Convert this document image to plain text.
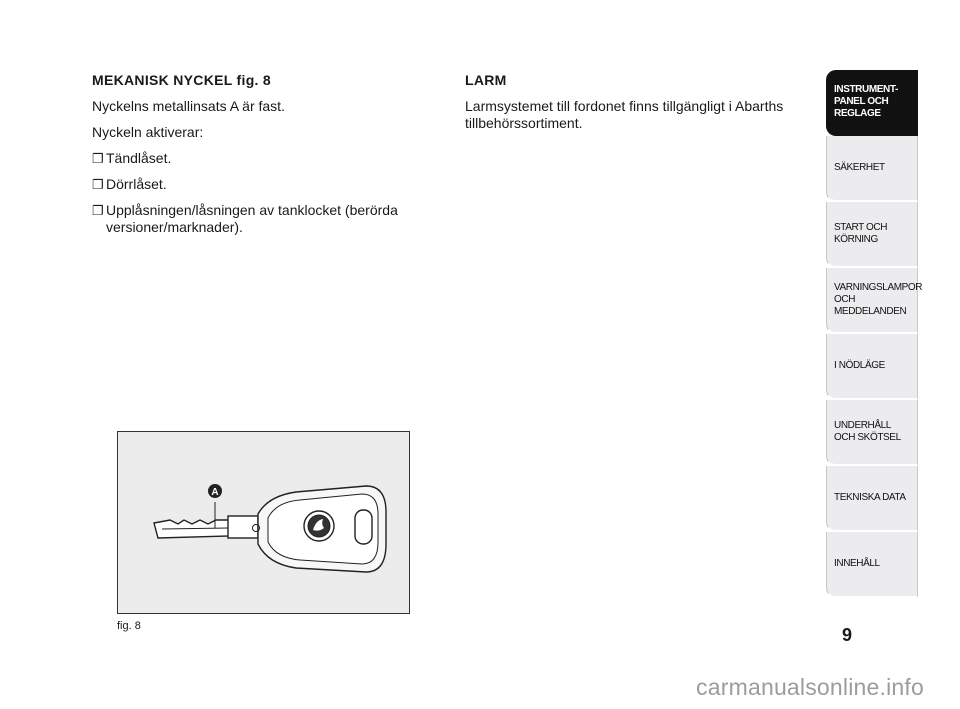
MEKANISK NYCKEL fig. 8
Nyckelns metallinsats A är fast.
Nyckeln aktiverar:
❒ Tändlåset.
❒ Dörrlåset.
❒ Upplåsningen/låsningen av tanklocket (berörda versioner/marknader).
LARM
Larmsystemet till fordonet finns tillgängligt i Abarths tillbehörssortiment.
A
fig. 8
INSTRUMENT-
PANEL OCH
REGLAGE
SÄKERHET
START OCH
KÖRNING
VARNINGSLAMPOR
OCH
MEDDELANDEN
I NÖDLÄGE
UNDERHÅLL
OCH SKÖTSEL
TEKNISKA DATA
INNEHÅLL
9
carmanualsonline.info
